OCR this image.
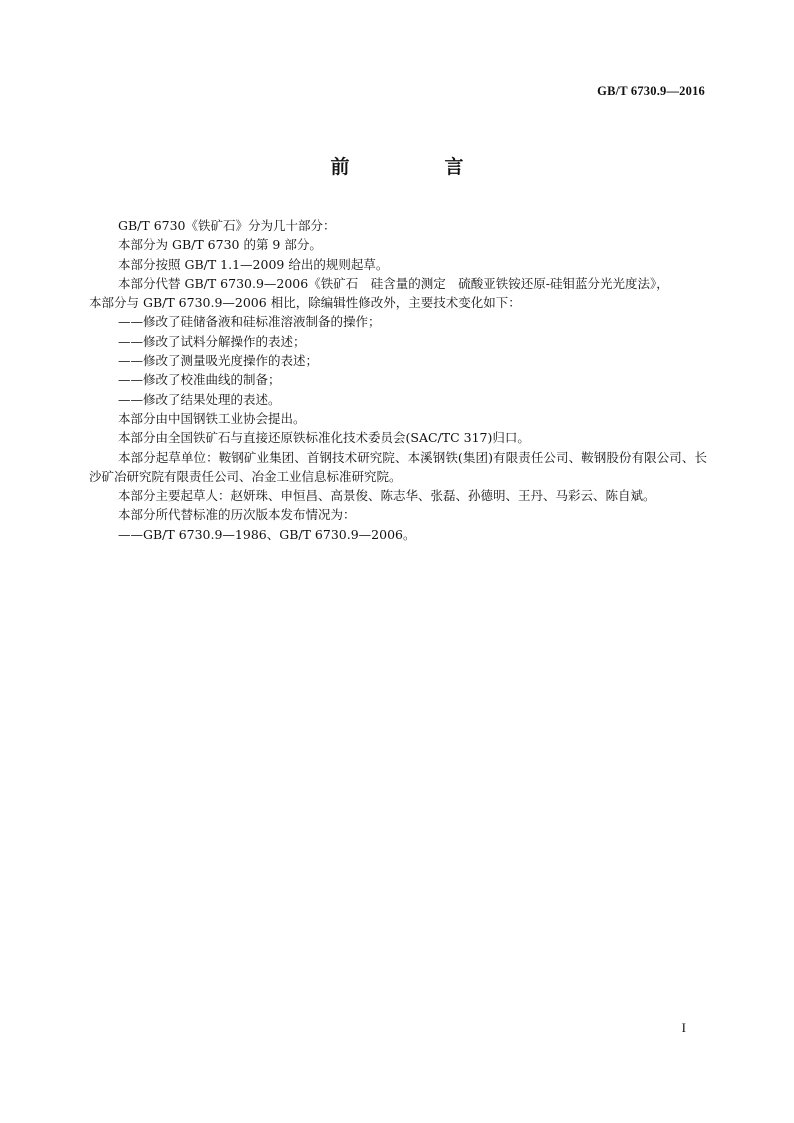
GB/T 6730.9—2016
前　言

GB/T 6730《铁矿石》分为几十部分：

本部分为 GB/T 6730 的第 9 部分。

本部分按照 GB/T 1.1—2009 给出的规则起草。

本部分代替 GB/T 6730.9—2006《铁矿石　硅含量的测定　硫酸亚铁铵还原-硅钼蓝分光光度法》，

本部分与 GB/T 6730.9—2006 相比，除编辑性修改外，主要技术变化如下：

——修改了硅储备液和硅标准溶液制备的操作；

——修改了试料分解操作的表述；

——修改了测量吸光度操作的表述；

——修改了校准曲线的制备；

——修改了结果处理的表述。

本部分由中国钢铁工业协会提出。

本部分由全国铁矿石与直接还原铁标准化技术委员会(SAC/TC 317)归口。

本部分起草单位：鞍钢矿业集团、首钢技术研究院、本溪钢铁(集团)有限责任公司、鞍钢股份有限公司、长沙矿冶研究院有限责任公司、冶金工业信息标准研究院。

本部分主要起草人：赵妍珠、申恒昌、高景俊、陈志华、张磊、孙德明、王丹、马彩云、陈自斌。

本部分所代替标准的历次版本发布情况为：

——GB/T 6730.9—1986、GB/T 6730.9—2006。

I
